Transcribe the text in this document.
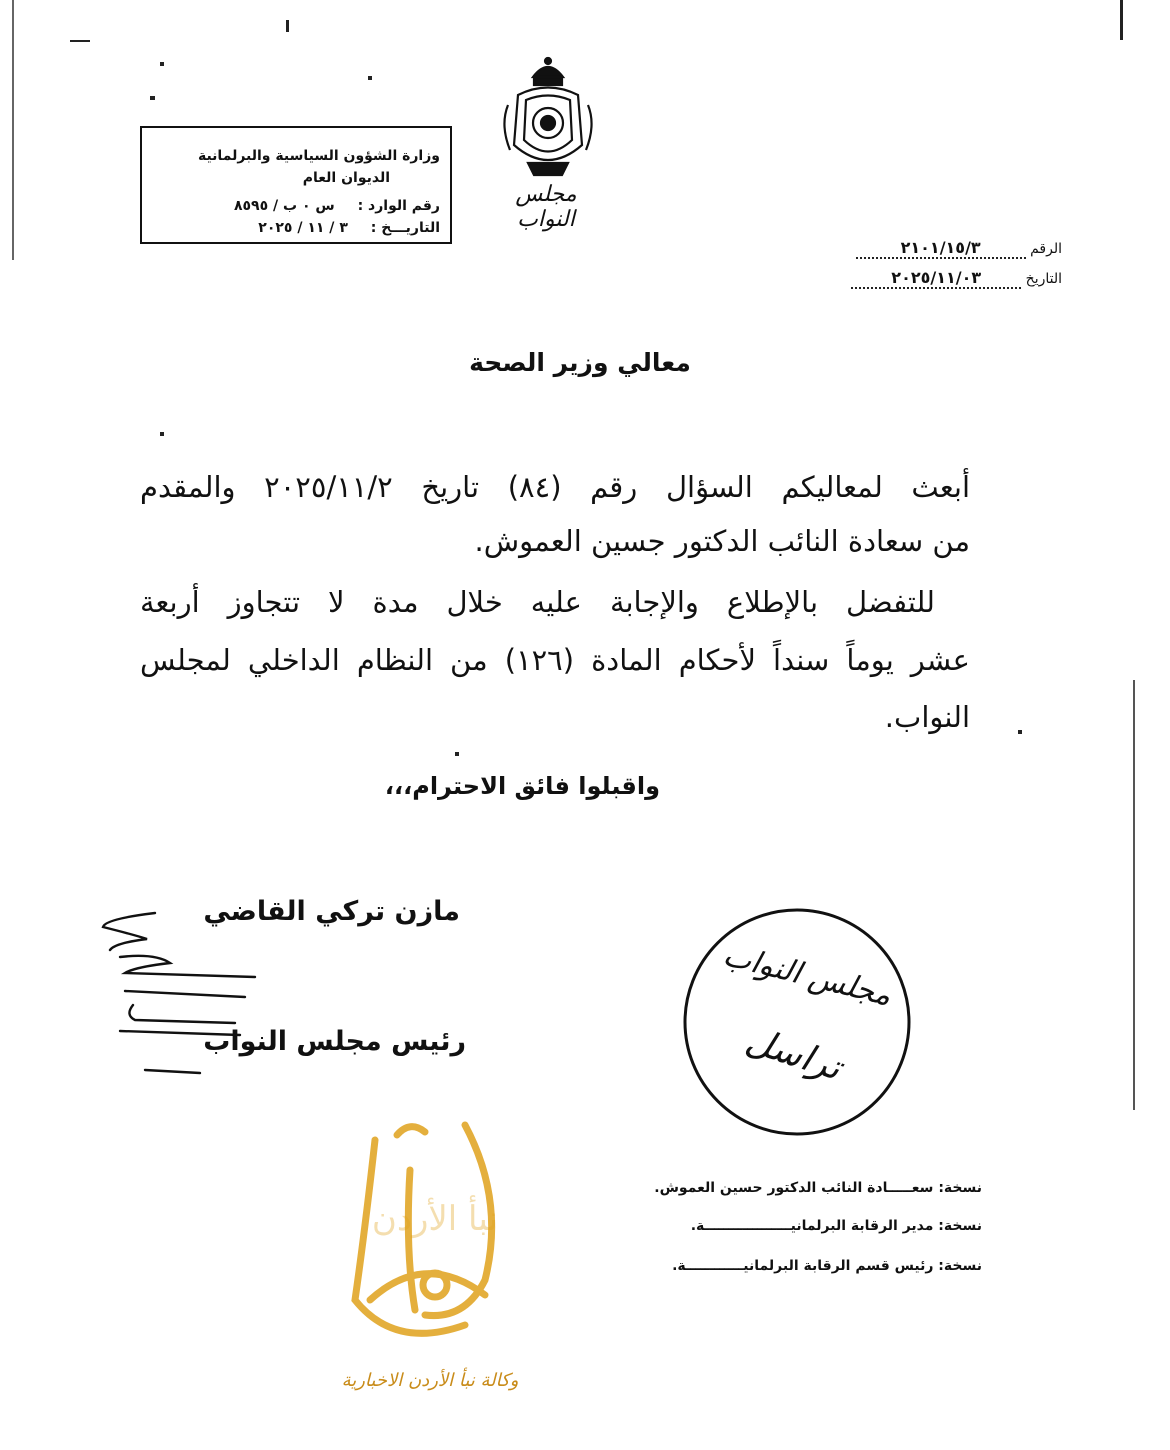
وزارة الشؤون السياسية والبرلمانية
الديوان العام
رقم الوارد : س ٠ ب / ٨٥٩٥
التاريـــخ : ٣ / ١١ / ٢٠٢٥
مجلس النواب
الرقم ٢١٠١/١٥/٣
التاريخ ٢٠٢٥/١١/٠٣
معالي وزير الصحة
أبعث لمعاليكم السؤال رقم (٨٤) تاريخ ٢٠٢٥/١١/٢ والمقدم
من سعادة النائب الدكتور جسين العموش.
للتفضل بالإطلاع والإجابة عليه خلال مدة لا تتجاوز أربعة
عشر يوماً سنداً لأحكام المادة (١٢٦) من النظام الداخلي لمجلس
النواب.
واقبلوا فائق الاحترام،،،
مازن تركي القاضي
رئيس مجلس النواب
مجلس النواب
تراسل
نسخة: سعـــــادة النائب الدكتور حسين العموش.
نسخة: مدير الرقابة البرلمانيــــــــــــــــــة.
نسخة: رئيس قسم الرقابة البرلمانيــــــــــــة.
نبأ الأردن
وكالة نبأ الأردن الاخبارية
